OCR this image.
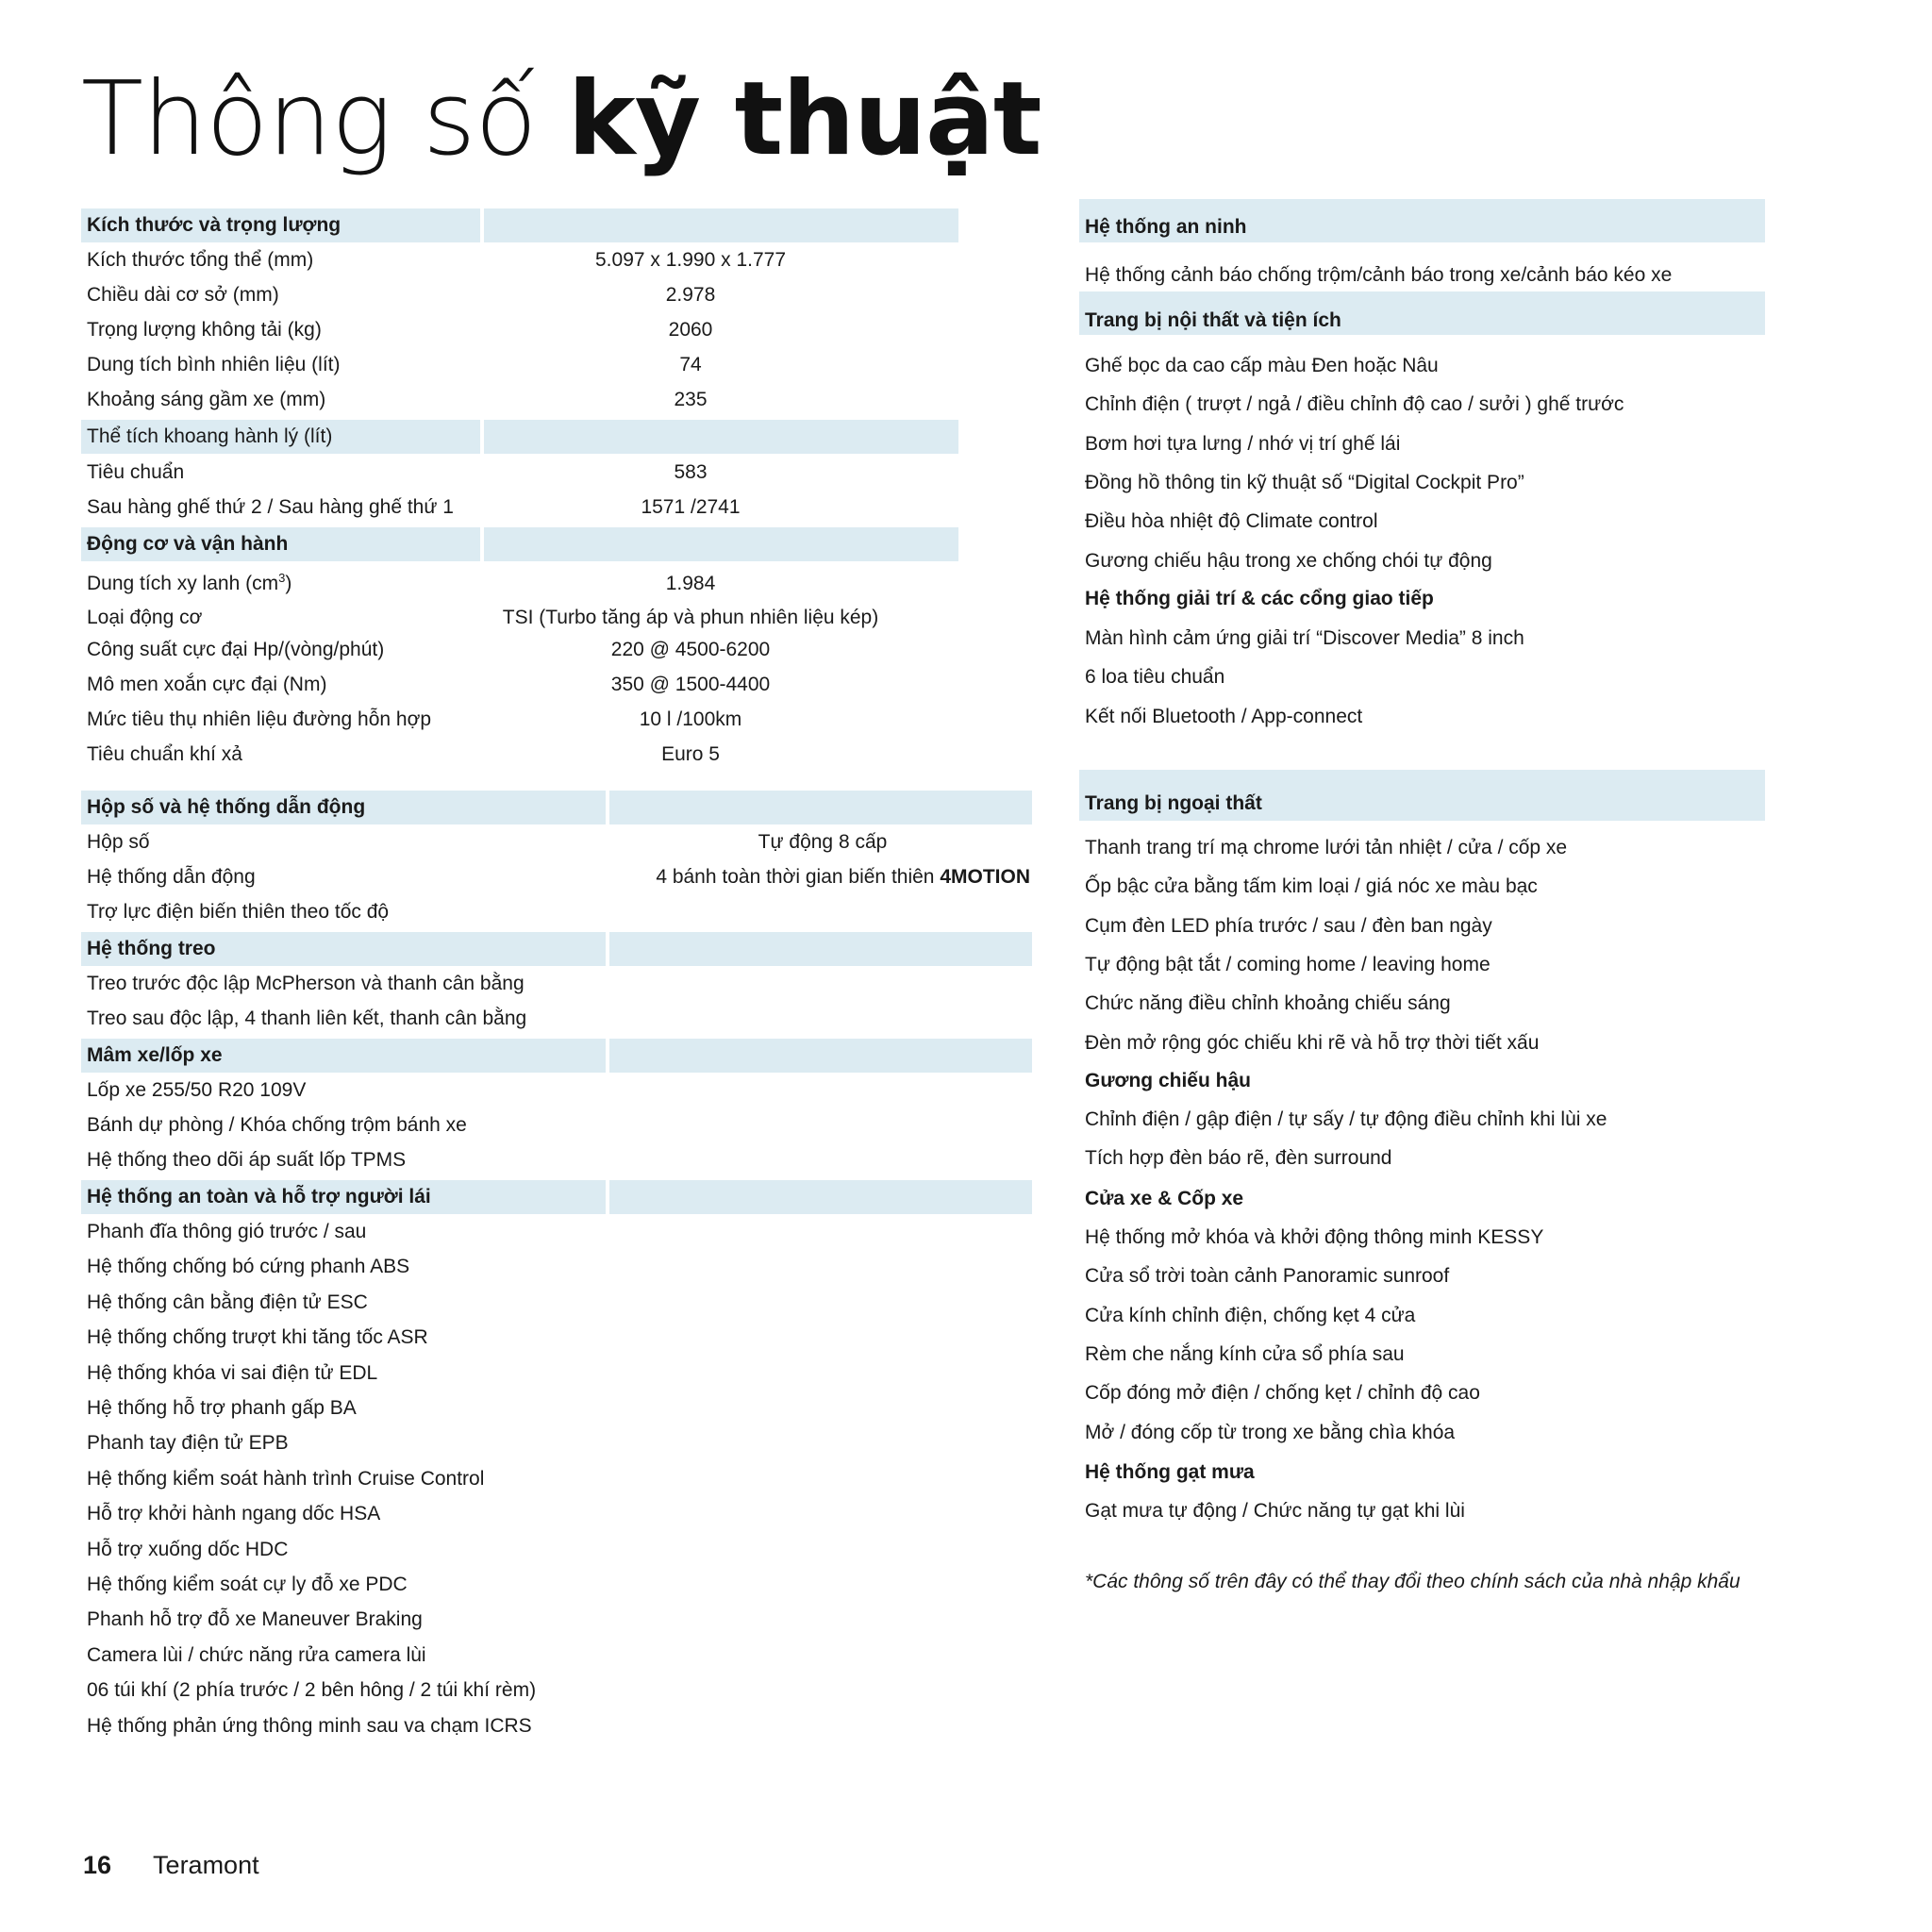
Thông số kỹ thuật
Kích thước và trọng lượng
Kích thước tổng thể (mm)	5.097 x 1.990 x 1.777
Chiều dài cơ sở (mm)	2.978
Trọng lượng không tải (kg)	2060
Dung tích bình nhiên liệu (lít)	74
Khoảng sáng gầm xe (mm)	235
Thể tích khoang hành lý (lít)
Tiêu chuẩn	583
Sau hàng ghế thứ 2 / Sau hàng ghế thứ 1	1571 /2741
Động cơ và vận hành
Dung tích xy lanh $(cm^3)$	1.984
Loại động cơ	TSI (Turbo tăng áp và phun nhiên liệu kép)
Công suất cực đại Hp/(vòng/phút)	220 @ 4500-6200
Mô men xoắn cực đại (Nm)	350 @ 1500-4400
Mức tiêu thụ nhiên liệu đường hỗn hợp	10 l /100km
Tiêu chuẩn khí xả	Euro 5
Hộp số và hệ thống dẫn động
Hộp số	Tự động 8 cấp
Hệ thống dẫn động	4 bánh toàn thời gian biến thiên 4MOTION
Trợ lực điện biến thiên theo tốc độ
Hệ thống treo
Treo trước độc lập McPherson và thanh cân bằng
Treo sau độc lập, 4 thanh liên kết, thanh cân bằng
Mâm xe/lốp xe
Lốp xe 255/50 R20 109V
Bánh dự phòng / Khóa chống trộm bánh xe
Hệ thống theo dõi áp suất lốp TPMS
Hệ thống an toàn và hỗ trợ người lái
Phanh đĩa thông gió trước / sau
Hệ thống chống bó cứng phanh ABS
Hệ thống cân bằng điện tử ESC
Hệ thống chống trượt khi tăng tốc ASR
Hệ thống khóa vi sai điện tử EDL
Hệ thống hỗ trợ phanh gấp BA
Phanh tay điện tử EPB
Hệ thống kiểm soát hành trình Cruise Control
Hỗ trợ khởi hành ngang dốc HSA
Hỗ trợ xuống dốc HDC
Hệ thống kiểm soát cự ly đỗ xe PDC
Phanh hỗ trợ đỗ xe Maneuver Braking
Camera lùi / chức năng rửa camera lùi
06 túi khí (2 phía trước / 2 bên hông / 2 túi khí rèm)
Hệ thống phản ứng thông minh sau va chạm ICRS
Hệ thống an ninh
Hệ thống cảnh báo chống trộm/cảnh báo trong xe/cảnh báo kéo xe
Trang bị nội thất và tiện ích
Ghế bọc da cao cấp màu Đen hoặc Nâu
Chỉnh điện ( trượt / ngả / điều chỉnh độ cao / sưởi ) ghế trước
Bơm hơi tựa lưng / nhớ vị trí ghế lái
Đồng hồ thông tin kỹ thuật số “Digital Cockpit Pro”
Điều hòa nhiệt độ Climate control
Gương chiếu hậu trong xe chống chói tự động
Hệ thống giải trí & các cổng giao tiếp
Màn hình cảm ứng giải trí “Discover Media” 8 inch
6 loa tiêu chuẩn
Kết nối Bluetooth / App-connect
Trang bị ngoại thất
Thanh trang trí mạ chrome lưới tản nhiệt / cửa / cốp xe
Ốp bậc cửa bằng tấm kim loại / giá nóc xe màu bạc
Cụm đèn LED phía trước / sau / đèn ban ngày
Tự động bật tắt / coming home / leaving home
Chức năng điều chỉnh khoảng chiếu sáng
Đèn mở rộng góc chiếu khi rẽ và hỗ trợ thời tiết xấu
Gương chiếu hậu
Chỉnh điện / gập điện / tự sấy / tự động điều chỉnh khi lùi xe
Tích hợp đèn báo rẽ, đèn surround
Cửa xe & Cốp xe
Hệ thống mở khóa và khởi động thông minh KESSY
Cửa sổ trời toàn cảnh Panoramic sunroof
Cửa kính chỉnh điện, chống kẹt 4 cửa
Rèm che nắng kính cửa sổ phía sau
Cốp đóng mở điện / chống kẹt / chỉnh độ cao
Mở / đóng cốp từ trong xe bằng chìa khóa
Hệ thống gạt mưa
Gạt mưa tự động / Chức năng tự gạt khi lùi
*Các thông số trên đây có thể thay đổi theo chính sách của nhà nhập khẩu
16 Teramont
